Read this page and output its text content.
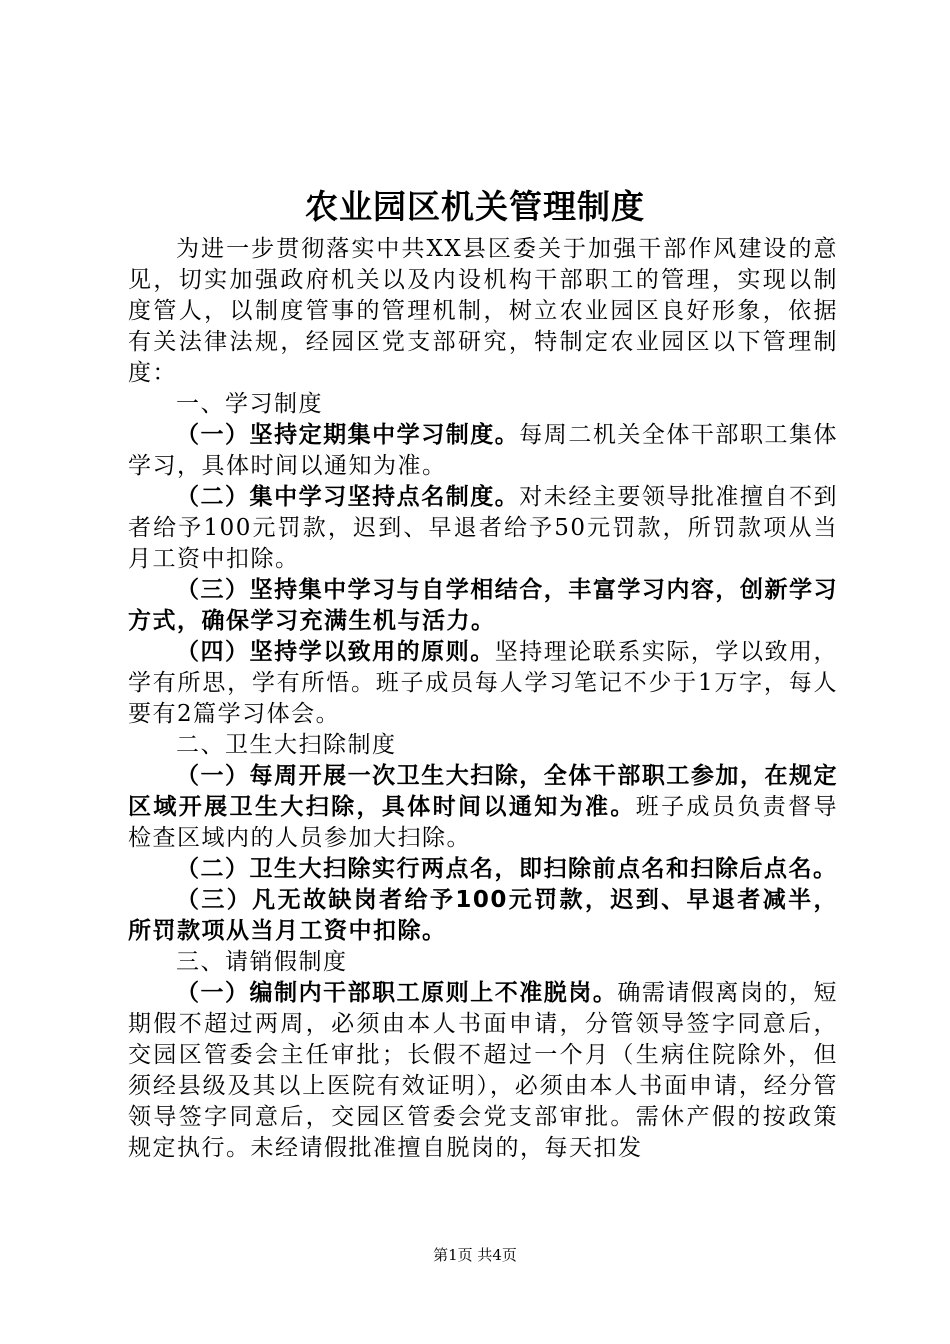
农业园区机关管理制度

为进一步贯彻落实中共XX县区委关于加强干部作风建设的意见，切实加强政府机关以及内设机构干部职工的管理，实现以制度管人，以制度管事的管理机制，树立农业园区良好形象，依据有关法律法规，经园区党支部研究，特制定农业园区以下管理制度：

一、学习制度

（一）坚持定期集中学习制度。每周二机关全体干部职工集体学习，具体时间以通知为准。

（二）集中学习坚持点名制度。对未经主要领导批准擅自不到者给予100元罚款，迟到、早退者给予50元罚款，所罚款项从当月工资中扣除。

（三）坚持集中学习与自学相结合，丰富学习内容，创新学习方式，确保学习充满生机与活力。

（四）坚持学以致用的原则。坚持理论联系实际，学以致用，学有所思，学有所悟。班子成员每人学习笔记不少于1万字，每人要有2篇学习体会。

二、卫生大扫除制度

（一）每周开展一次卫生大扫除，全体干部职工参加，在规定区域开展卫生大扫除，具体时间以通知为准。班子成员负责督导检查区域内的人员参加大扫除。

（二）卫生大扫除实行两点名，即扫除前点名和扫除后点名。

（三）凡无故缺岗者给予100元罚款，迟到、早退者减半，所罚款项从当月工资中扣除。

三、请销假制度

（一）编制内干部职工原则上不准脱岗。确需请假离岗的，短期假不超过两周，必须由本人书面申请，分管领导签字同意后，交园区管委会主任审批；长假不超过一个月（生病住院除外，但须经县级及其以上医院有效证明），必须由本人书面申请，经分管领导签字同意后，交园区管委会党支部审批。需休产假的按政策规定执行。未经请假批准擅自脱岗的，每天扣发

第1页 共4页
